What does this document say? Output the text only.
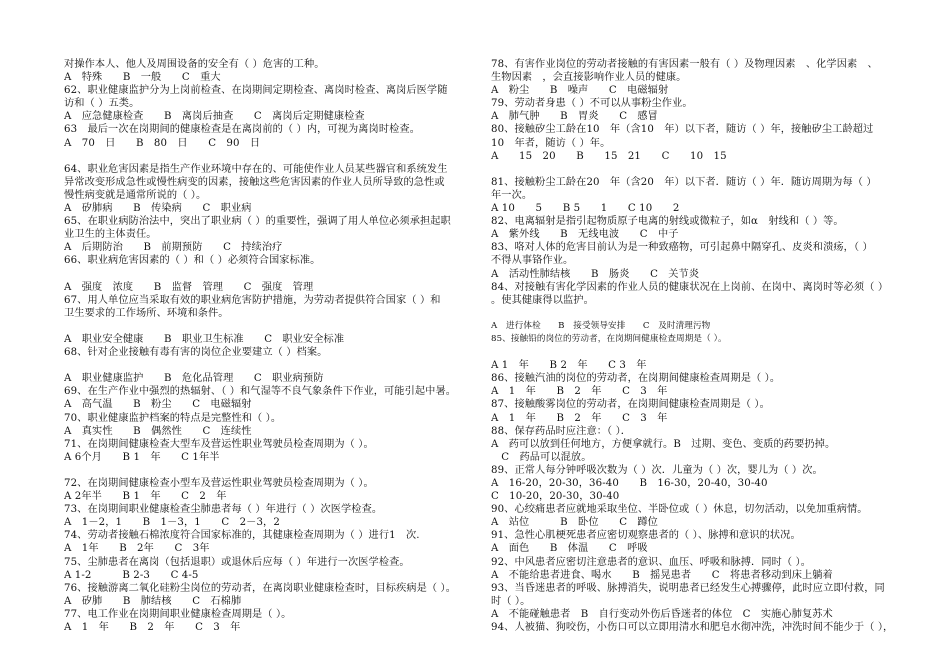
对操作本人、他人及周围设备的安全有（ ）危害的工种。
A　特殊　　B　一般　　C　重大
62、职业健康监护分为上岗前检查、在岗期间定期检查、离岗时检查、离岗后医学随
访和（ ）五类。
A　应急健康检查　　B　离岗后抽查　　C　离岗后定期健康检查
63　最后一次在岗期间的健康检查是在离岗前的（ ）内，可视为离岗时检查。
A　70　日　　B　80　日　　C　90　日
64、职业危害因素是指生产作业环境中存在的、可能使作业人员某些器官和系统发生
异常改变形成急性或慢性病变的因素，接触这些危害因素的作业人员所导致的急性或
慢性病变就是通常所说的（ ）。
A　矽肺病　　B　传染病　　C　职业病
65、在职业病防治法中，突出了职业病（ ）的重要性，强调了用人单位必须承担起职
业卫生的主体责任。
A　后期防治　　B　前期预防　　C　持续治疗
66、职业病危害因素的（ ）和（ ）必须符合国家标准。
A　强度　浓度　　B　监督　管理　　C　强度　管理
67、用人单位应当采取有效的职业病危害防护措施，为劳动者提供符合国家（ ）和
卫生要求的工作场所、环境和条件。
A　职业安全健康　　B　职业卫生标准　　C　职业安全标准
68、针对企业接触有毒有害的岗位企业要建立（ ）档案。
A　职业健康监护　　B　危化品管理　　C　职业病预防
69、在生产作业中强烈的热辐射、（ ）和气湿等不良气象条件下作业，可能引起中暑。
A　高气温　　B　粉尘　　C　电磁辐射
70、职业健康监护档案的特点是完整性和（ ）。
A　真实性　　B　偶然性　　C　连续性
71、在岗期间健康检查大型车及营运性职业驾驶员检查周期为（ ）。
A 6个月　　B 1　年　　C 1年半
72、在岗期间健康检查小型车及营运性职业驾驶员检查周期为（ ）。
A 2年半　　B 1　年　　C　2　年
73、在岗期间职业健康检查尘肺患者每（ ）年进行（ ）次医学检查。
A　1－2，1　　B　1－3，1　　C　2－3，2
74、劳动者接触石棉浓度符合国家标准的，其健康检查周期为（ ）进行1　次.
A　1年　　B　2年　　C　3年
75、尘肺患者在离岗（包括退职）或退休后应每（ ）年进行一次医学检查。
A 1-2　　　B 2-3　　C 4-5
76、接触游离二氧化硅粉尘岗位的劳动者，在离岗职业健康检查时，目标疾病是（ ）。
A　矽肺　　B　肺结核　　C　石棉肺
77、电工作业在岗期间职业健康检查周期是（ ）。
A　1　年　　B　2　年　　C　3　年
78、有害作业岗位的劳动者接触的有害因素一般有（ ）及物理因素　、化学因素　、
生物因素　，会直接影响作业人员的健康。
A　粉尘　　B　噪声　　C　电磁辐射
79、劳动者身患（ ）不可以从事粉尘作业。
A　肺气肿　　B　胃炎　　C　感冒
80、接触矽尘工龄在10　年（含10　年）以下者，随访（ ）年，接触矽尘工龄超过
10　年者，随访（ ）年。
A　　15　20　　B　　15　21　　C　　10　15
81、接触粉尘工龄在20　年（含20　年）以下者．随访（ ）年．随访周期为每（ ）
年一次。
A 10　　5　　B 5　　1　　C 10　　2
82、电离辐射是指引起物质原子电离的射线或微粒子，如α　射线和（ ）等。
A　紫外线　　B　无线电波　　C　中子
83、咯对人体的危害目前认为是一种致癌物，可引起鼻中隔穿孔、皮炎和溃疡，（ ）
不得从事铬作业。
A　活动性肺结核　　B　肠炎　　C　关节炎
84、对接触有害化学因素的作业人员的健康状况在上岗前、在岗中、离岗时等必须（ ）
。使其健康得以监护。
A　进行体检　　B　接受领导安排　　C　及时清理污物
85、接触铅的岗位的劳动者，在岗期间健康检查周期是（ ）。
A 1　年　　B 2　年　　C 3　年
86、接触汽油的岗位的劳动者，在岗期间健康检查周期是（ ）。
A　1　年　　B　2　年　　C　3　年
87、接触酸雾岗位的劳动者，在岗期间健康检查周期是（ ）。
A　1　年　　B　2　年　　C　3　年
88、保存药品时应注意：（ ）．
A　药可以放到任何地方，方便拿就行。B　过期、变色、变质的药要扔掉。
　C　药品可以混放。
89、正常人每分钟呼吸次数为（ ）次．儿童为（ ）次，婴儿为（ ）次。
A　16-20，20-30，36-40　　B　16-30，20-40，30-40
C　10-20，20-30，30-40
90、心绞痛患者应就地采取坐位、半卧位或（ ）休息，切勿活动，以免加重病情。
A　站位　　　B　卧位　　C　蹲位
91、急性心肌梗死患者应密切观察患者的（ ）、脉搏和意识的状况。
A　面色　　B　体温　　C　呼吸
92、中风患者应密切注意患者的意识、血压、呼吸和脉搏．同时（ ）。
A　不能给患者进食、喝水　　B　摇晃患者　　C　将患者移动到床上躺着
93、当昏迷患者的呼吸、脉搏消失，说明患者已经发生心搏骤停，此时应立即付救，同
时（ ）。
A　不能碰触患者　B　自行变动外伤后昏迷者的体位　C　实施心肺复苏术
94、人被猫、狗咬伤，小伤口可以立即用清水和肥皂水彻冲洗，冲洗时间不能少于（ ），
